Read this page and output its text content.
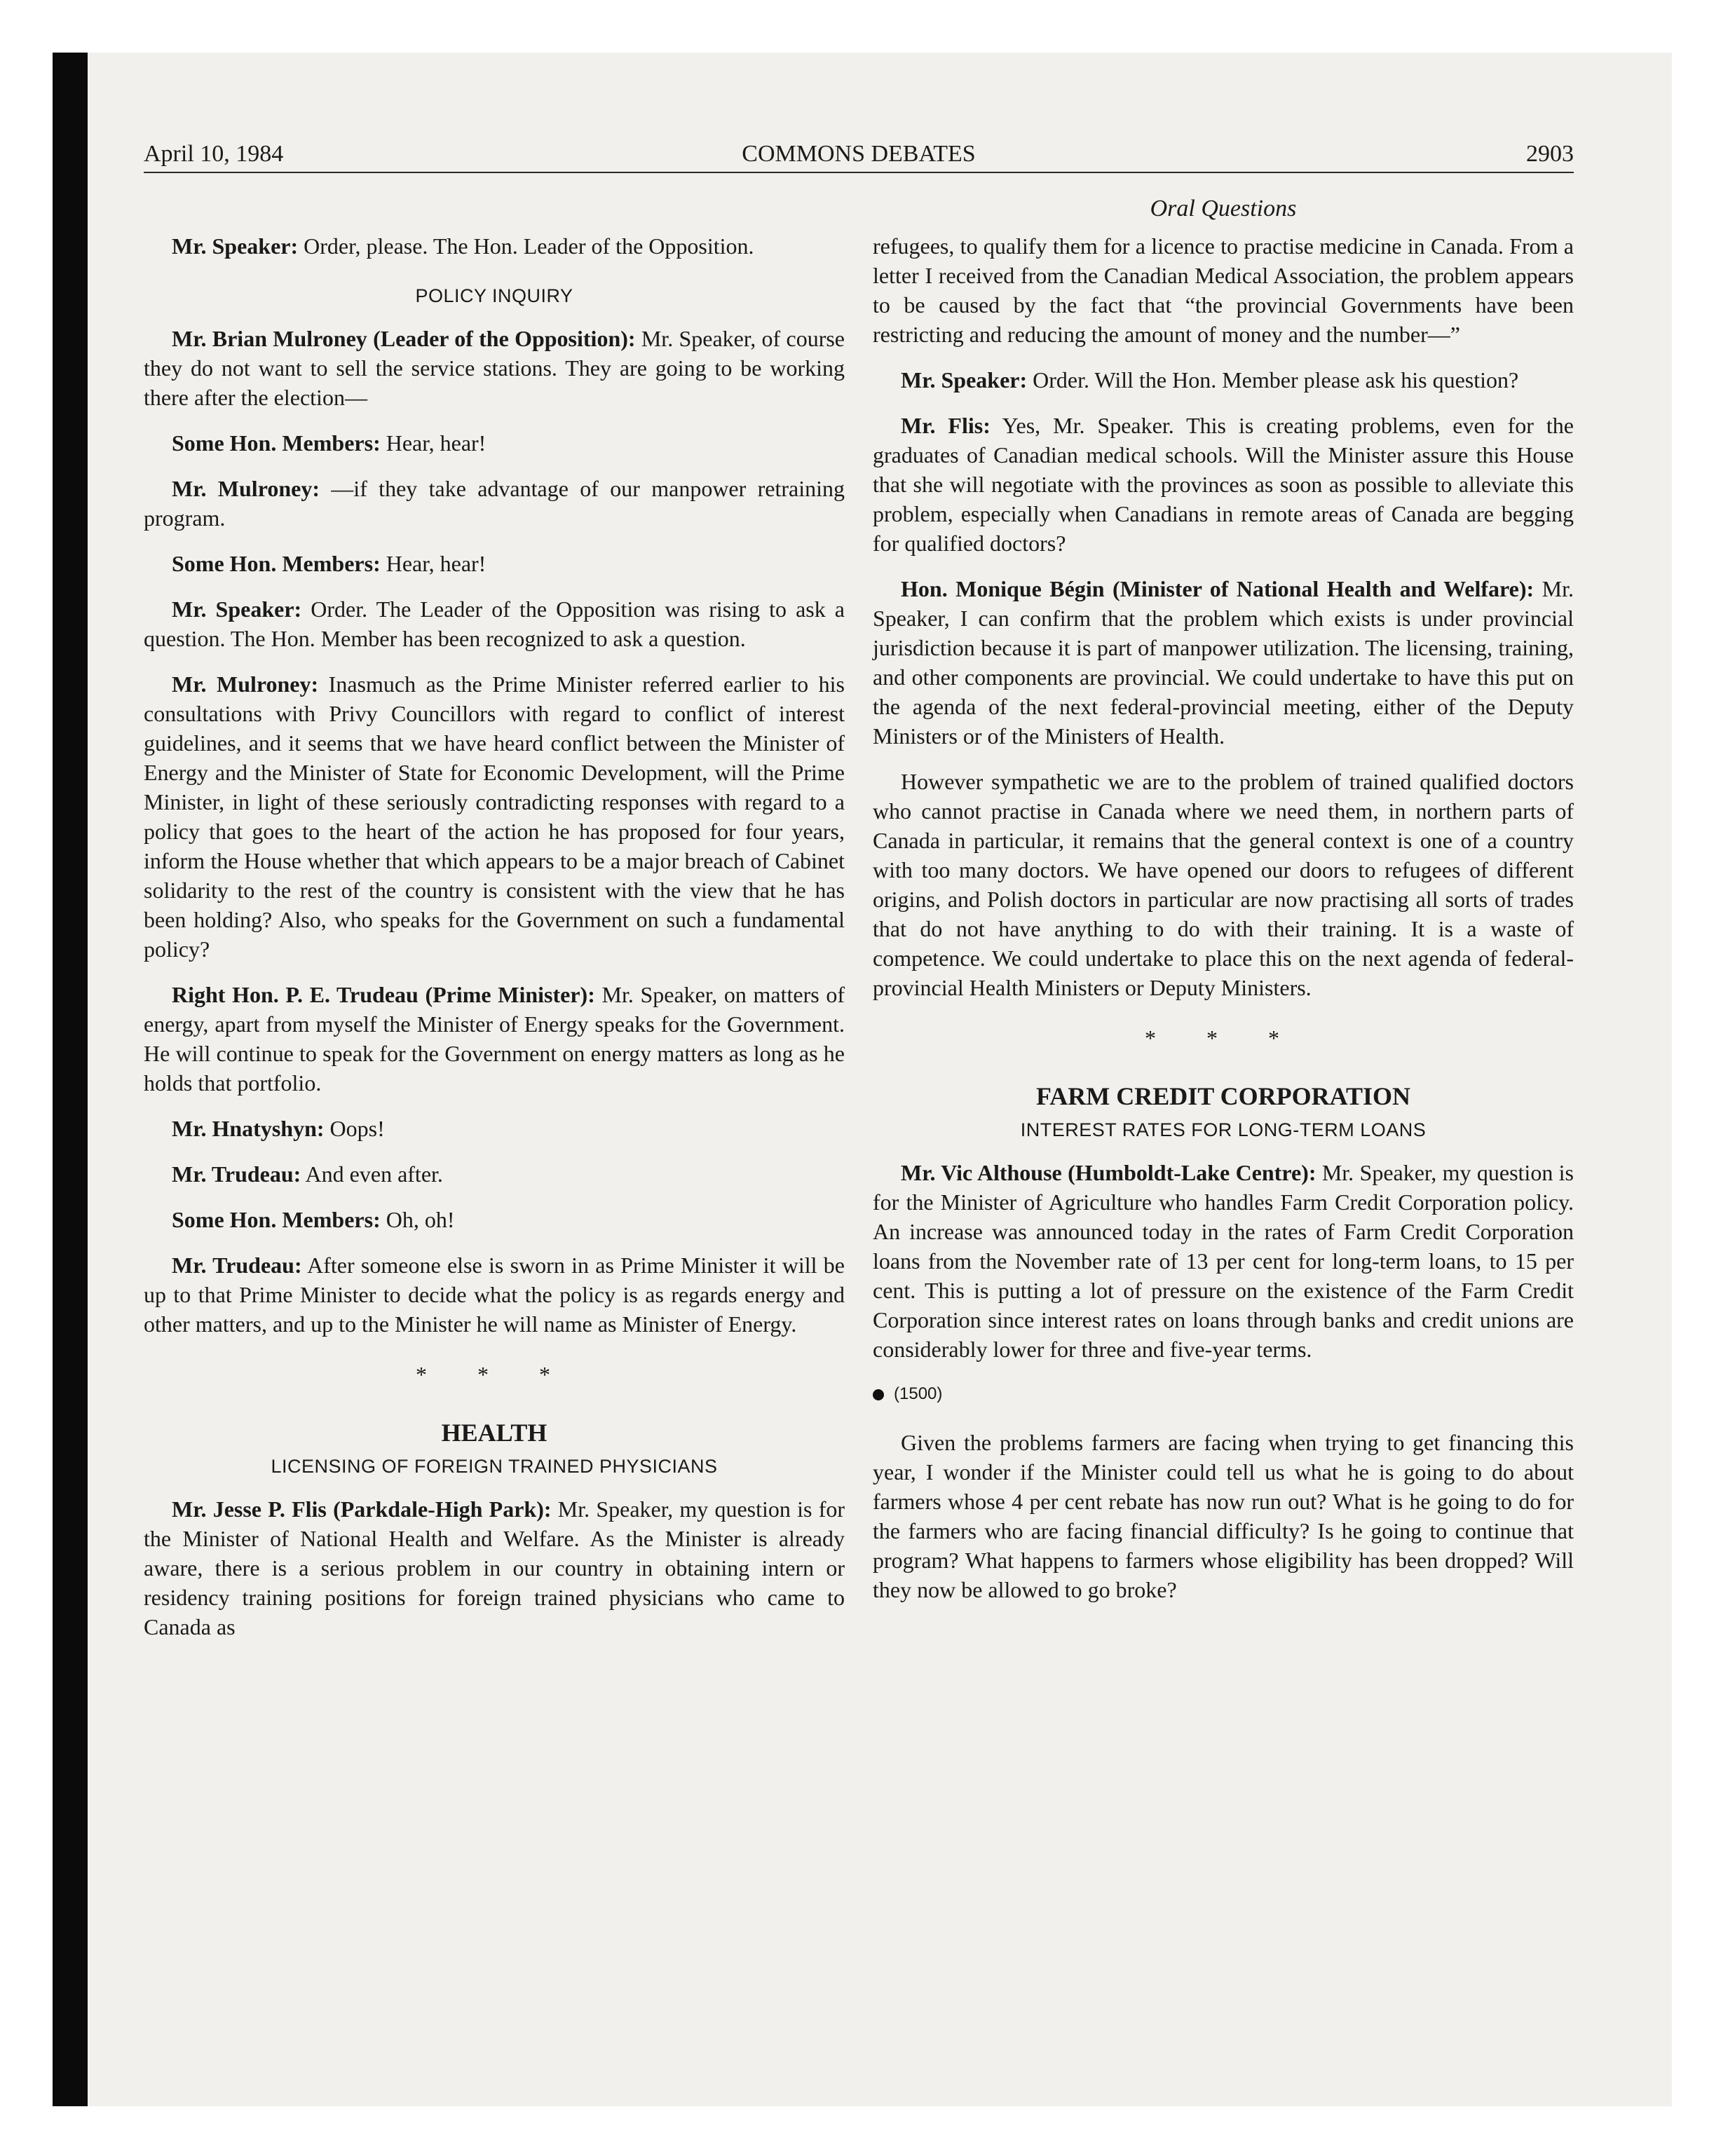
April 10, 1984	COMMONS DEBATES	2903
Oral Questions

Mr. Speaker: Order, please. The Hon. Leader of the Opposition.

POLICY INQUIRY

Mr. Brian Mulroney (Leader of the Opposition): Mr. Speaker, of course they do not want to sell the service stations. They are going to be working there after the election—

Some Hon. Members: Hear, hear!

Mr. Mulroney: —if they take advantage of our manpower retraining program.

Some Hon. Members: Hear, hear!

Mr. Speaker: Order. The Leader of the Opposition was rising to ask a question. The Hon. Member has been recognized to ask a question.

Mr. Mulroney: Inasmuch as the Prime Minister referred earlier to his consultations with Privy Councillors with regard to conflict of interest guidelines, and it seems that we have heard conflict between the Minister of Energy and the Minister of State for Economic Development, will the Prime Minister, in light of these seriously contradicting responses with regard to a policy that goes to the heart of the action he has proposed for four years, inform the House whether that which appears to be a major breach of Cabinet solidarity to the rest of the country is consistent with the view that he has been holding? Also, who speaks for the Government on such a fundamental policy?

Right Hon. P. E. Trudeau (Prime Minister): Mr. Speaker, on matters of energy, apart from myself the Minister of Energy speaks for the Government. He will continue to speak for the Government on energy matters as long as he holds that portfolio.

Mr. Hnatyshyn: Oops!

Mr. Trudeau: And even after.

Some Hon. Members: Oh, oh!

Mr. Trudeau: After someone else is sworn in as Prime Minister it will be up to that Prime Minister to decide what the policy is as regards energy and other matters, and up to the Minister he will name as Minister of Energy.

* * *
HEALTH
LICENSING OF FOREIGN TRAINED PHYSICIANS

Mr. Jesse P. Flis (Parkdale-High Park): Mr. Speaker, my question is for the Minister of National Health and Welfare. As the Minister is already aware, there is a serious problem in our country in obtaining intern or residency training positions for foreign trained physicians who came to Canada as

refugees, to qualify them for a licence to practise medicine in Canada. From a letter I received from the Canadian Medical Association, the problem appears to be caused by the fact that “the provincial Governments have been restricting and reducing the amount of money and the number—”

Mr. Speaker: Order. Will the Hon. Member please ask his question?

Mr. Flis: Yes, Mr. Speaker. This is creating problems, even for the graduates of Canadian medical schools. Will the Minister assure this House that she will negotiate with the provinces as soon as possible to alleviate this problem, especially when Canadians in remote areas of Canada are begging for qualified doctors?

Hon. Monique Bégin (Minister of National Health and Welfare): Mr. Speaker, I can confirm that the problem which exists is under provincial jurisdiction because it is part of manpower utilization. The licensing, training, and other components are provincial. We could undertake to have this put on the agenda of the next federal-provincial meeting, either of the Deputy Ministers or of the Ministers of Health.

However sympathetic we are to the problem of trained qualified doctors who cannot practise in Canada where we need them, in northern parts of Canada in particular, it remains that the general context is one of a country with too many doctors. We have opened our doors to refugees of different origins, and Polish doctors in particular are now practising all sorts of trades that do not have anything to do with their training. It is a waste of competence. We could undertake to place this on the next agenda of federal-provincial Health Ministers or Deputy Ministers.

* * *
FARM CREDIT CORPORATION
INTEREST RATES FOR LONG-TERM LOANS

Mr. Vic Althouse (Humboldt-Lake Centre): Mr. Speaker, my question is for the Minister of Agriculture who handles Farm Credit Corporation policy. An increase was announced today in the rates of Farm Credit Corporation loans from the November rate of 13 per cent for long-term loans, to 15 per cent. This is putting a lot of pressure on the existence of the Farm Credit Corporation since interest rates on loans through banks and credit unions are considerably lower for three and five-year terms.

(1500)

Given the problems farmers are facing when trying to get financing this year, I wonder if the Minister could tell us what he is going to do about farmers whose 4 per cent rebate has now run out? What is he going to do for the farmers who are facing financial difficulty? Is he going to continue that program? What happens to farmers whose eligibility has been dropped? Will they now be allowed to go broke?
